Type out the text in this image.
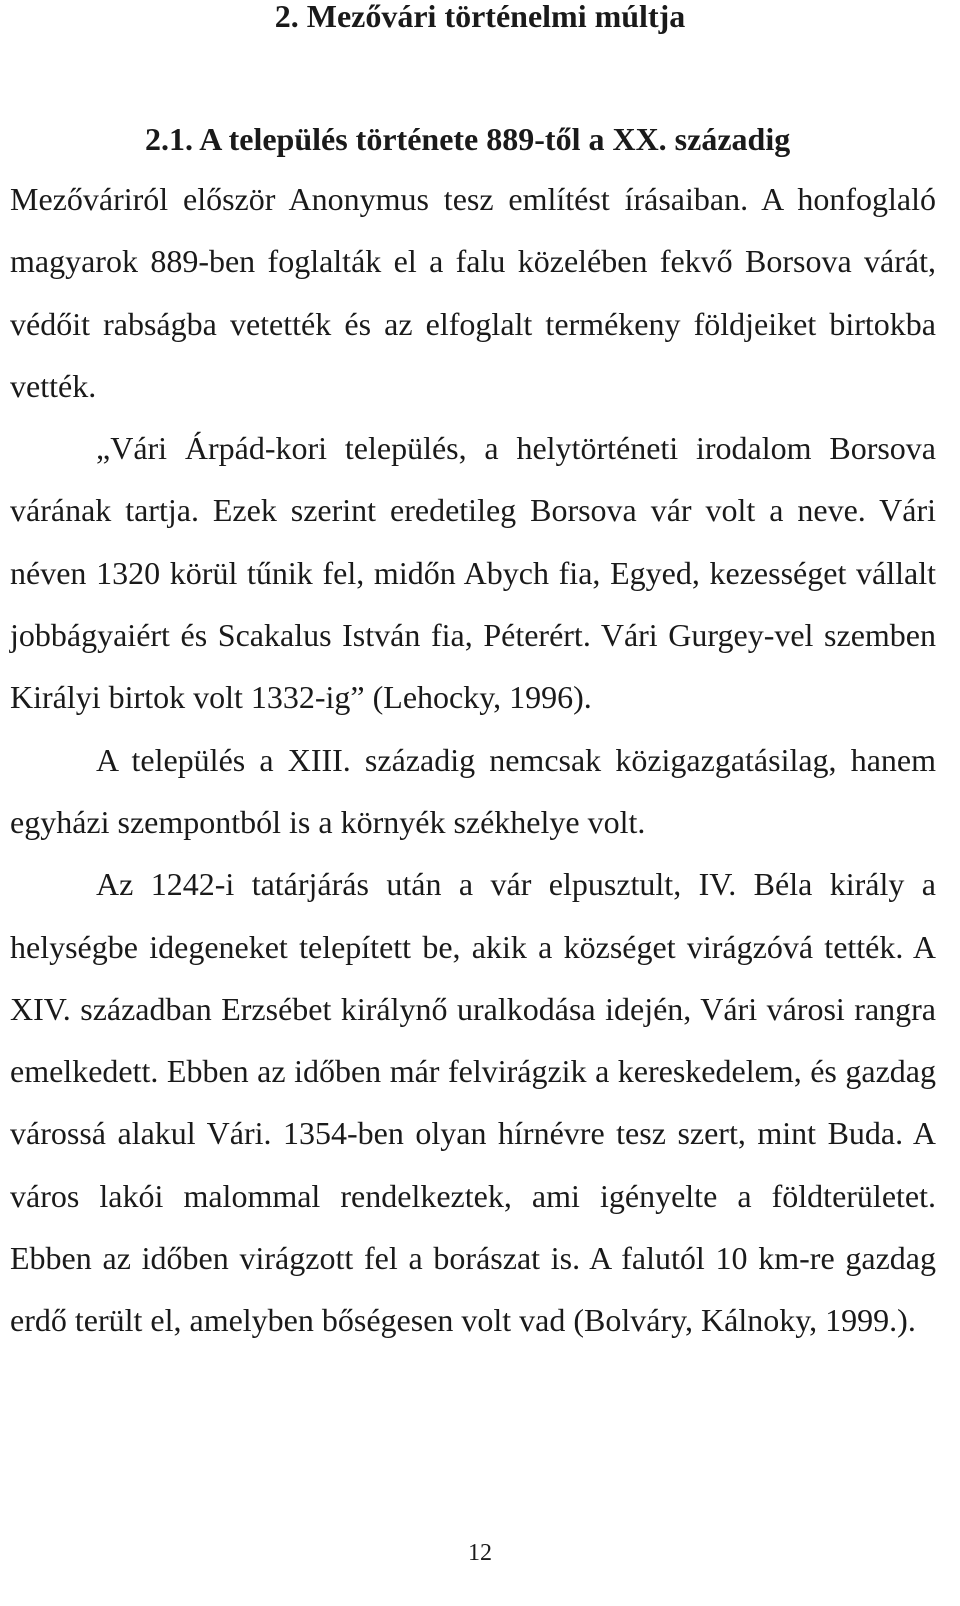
2. Mezővári történelmi múltja
2.1. A település története 889-től a XX. századig

Mezőváriról először Anonymus tesz említést írásaiban. A honfoglaló magyarok 889-ben foglalták el a falu közelében fekvő Borsova várát, védőit rabságba vetették és az elfoglalt termékeny földjeiket birtokba vették.

„Vári Árpád-kori település, a helytörténeti irodalom Borsova várának tartja. Ezek szerint eredetileg Borsova vár volt a neve. Vári néven 1320 körül tűnik fel, midőn Abych fia, Egyed, kezességet vállalt jobbágyaiért és Scakalus István fia, Péterért. Vári Gurgey-vel szemben Királyi birtok volt 1332-ig” (Lehocky, 1996).

A település a XIII. századig nemcsak közigazgatásilag, hanem egyházi szempontból is a környék székhelye volt.

Az 1242-i tatárjárás után a vár elpusztult, IV. Béla király a helységbe idegeneket telepített be, akik a községet virágzóvá tették. A XIV. században Erzsébet királynő uralkodása idején, Vári városi rangra emelkedett. Ebben az időben már felvirágzik a kereskedelem, és gazdag várossá alakul Vári. 1354-ben olyan hírnévre tesz szert, mint Buda. A város lakói malommal rendelkeztek, ami igényelte a földterületet. Ebben az időben virágzott fel a borászat is. A falutól 10 km-re gazdag erdő terült el, amelyben bőségesen volt vad (Bolváry, Kálnoky, 1999.).

12
